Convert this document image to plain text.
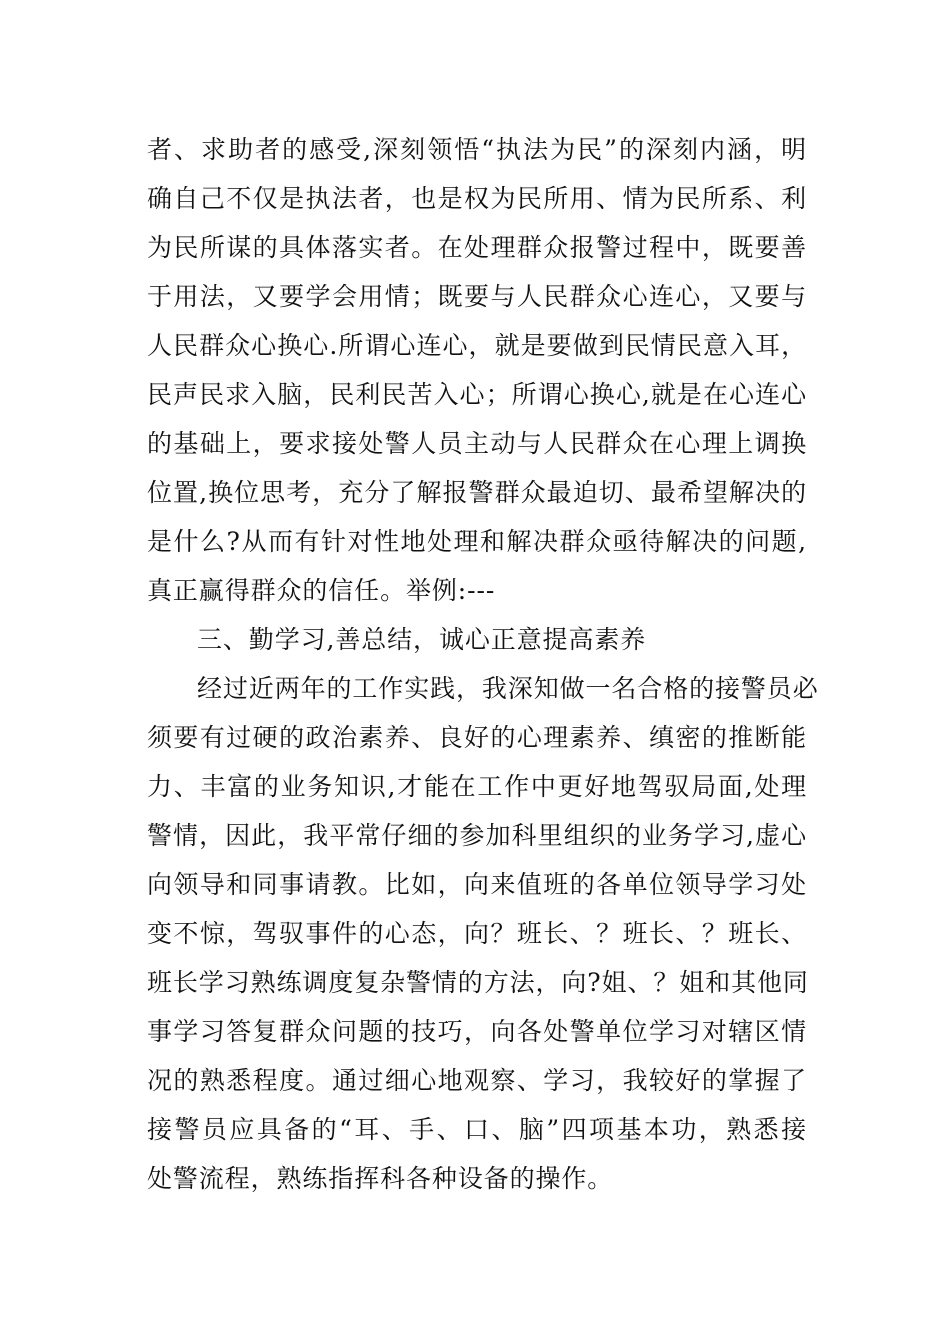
者、求助者的感受,深刻领悟“执法为民”的深刻内涵，明
确自己不仅是执法者，也是权为民所用、情为民所系、利
为民所谋的具体落实者。在处理群众报警过程中，既要善
于用法，又要学会用情；既要与人民群众心连心，又要与
人民群众心换心.所谓心连心，就是要做到民情民意入耳，
民声民求入脑，民利民苦入心；所谓心换心,就是在心连心
的基础上，要求接处警人员主动与人民群众在心理上调换
位置,换位思考，充分了解报警群众最迫切、最希望解决的
是什么?从而有针对性地处理和解决群众亟待解决的问题,
真正赢得群众的信任。举例:---
三、勤学习,善总结，诚心正意提高素养
经过近两年的工作实践，我深知做一名合格的接警员必
须要有过硬的政治素养、良好的心理素养、缜密的推断能
力、丰富的业务知识,才能在工作中更好地驾驭局面,处理
警情，因此，我平常仔细的参加科里组织的业务学习,虚心
向领导和同事请教。比如，向来值班的各单位领导学习处
变不惊，驾驭事件的心态，向？班长、？班长、？班长、
班长学习熟练调度复杂警情的方法，向?姐、？姐和其他同
事学习答复群众问题的技巧，向各处警单位学习对辖区情
况的熟悉程度。通过细心地观察、学习，我较好的掌握了
接警员应具备的“耳、手、口、脑”四项基本功，熟悉接
处警流程，熟练指挥科各种设备的操作。
